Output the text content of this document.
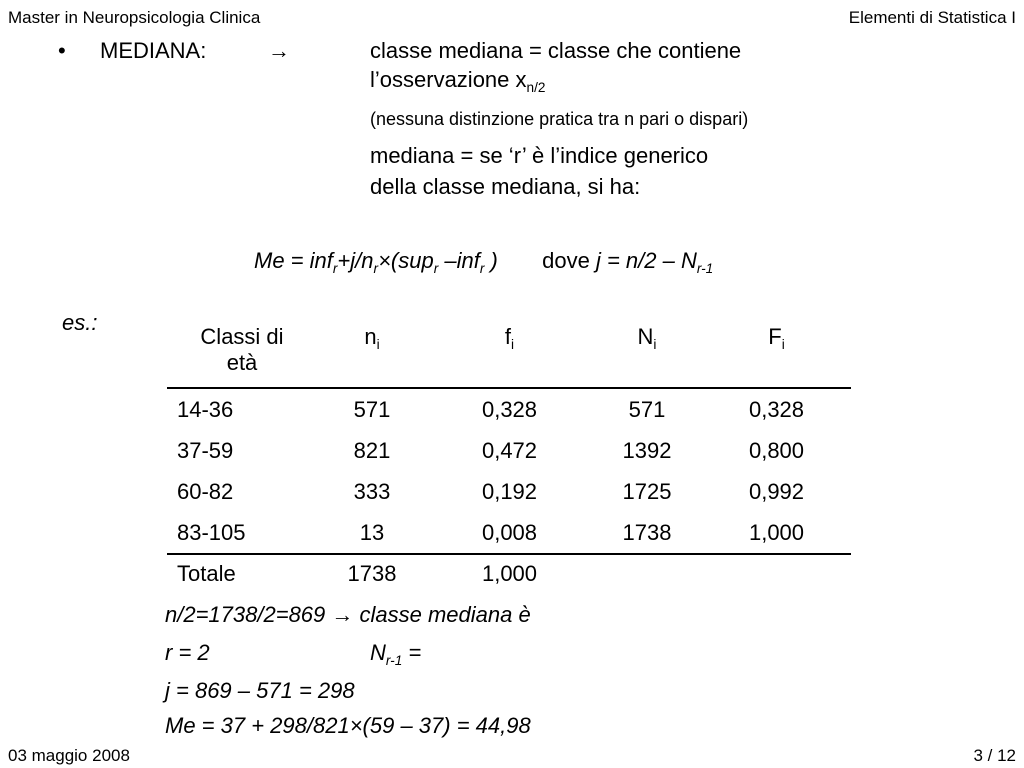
Master in Neuropsicologia Clinica	Elementi di Statistica I
• MEDIANA:	→	classe mediana = classe che contiene
l’osservazione $x_{n/2}$
(nessuna distinzione pratica tra n pari o dispari)
mediana = se ‘r’ è l’indice generico
della classe mediana, si ha:
$Me = inf_r+j/n_r\times(sup_r$ –inf$_r$ ) dove $j = n/2 - N_{r-1}$
es.:
Classi di
età	$n_i$	$f_i$	$N_i$	$F_i$
14-36	571	0,328	571	0,328
37-59	821	0,472	1392	0,800
60-82	333	0,192	1725	0,992
83-105	13	0,008	1738	1,000
Totale	1738	1,000
n/2=1738/2=869 → classe mediana è
r = 2	$N_{r-1}$ =
j = 869 – 571 = 298
Me = 37 + 298/821×(59 – 37) = 44,98
03 maggio 2008	3 / 12
